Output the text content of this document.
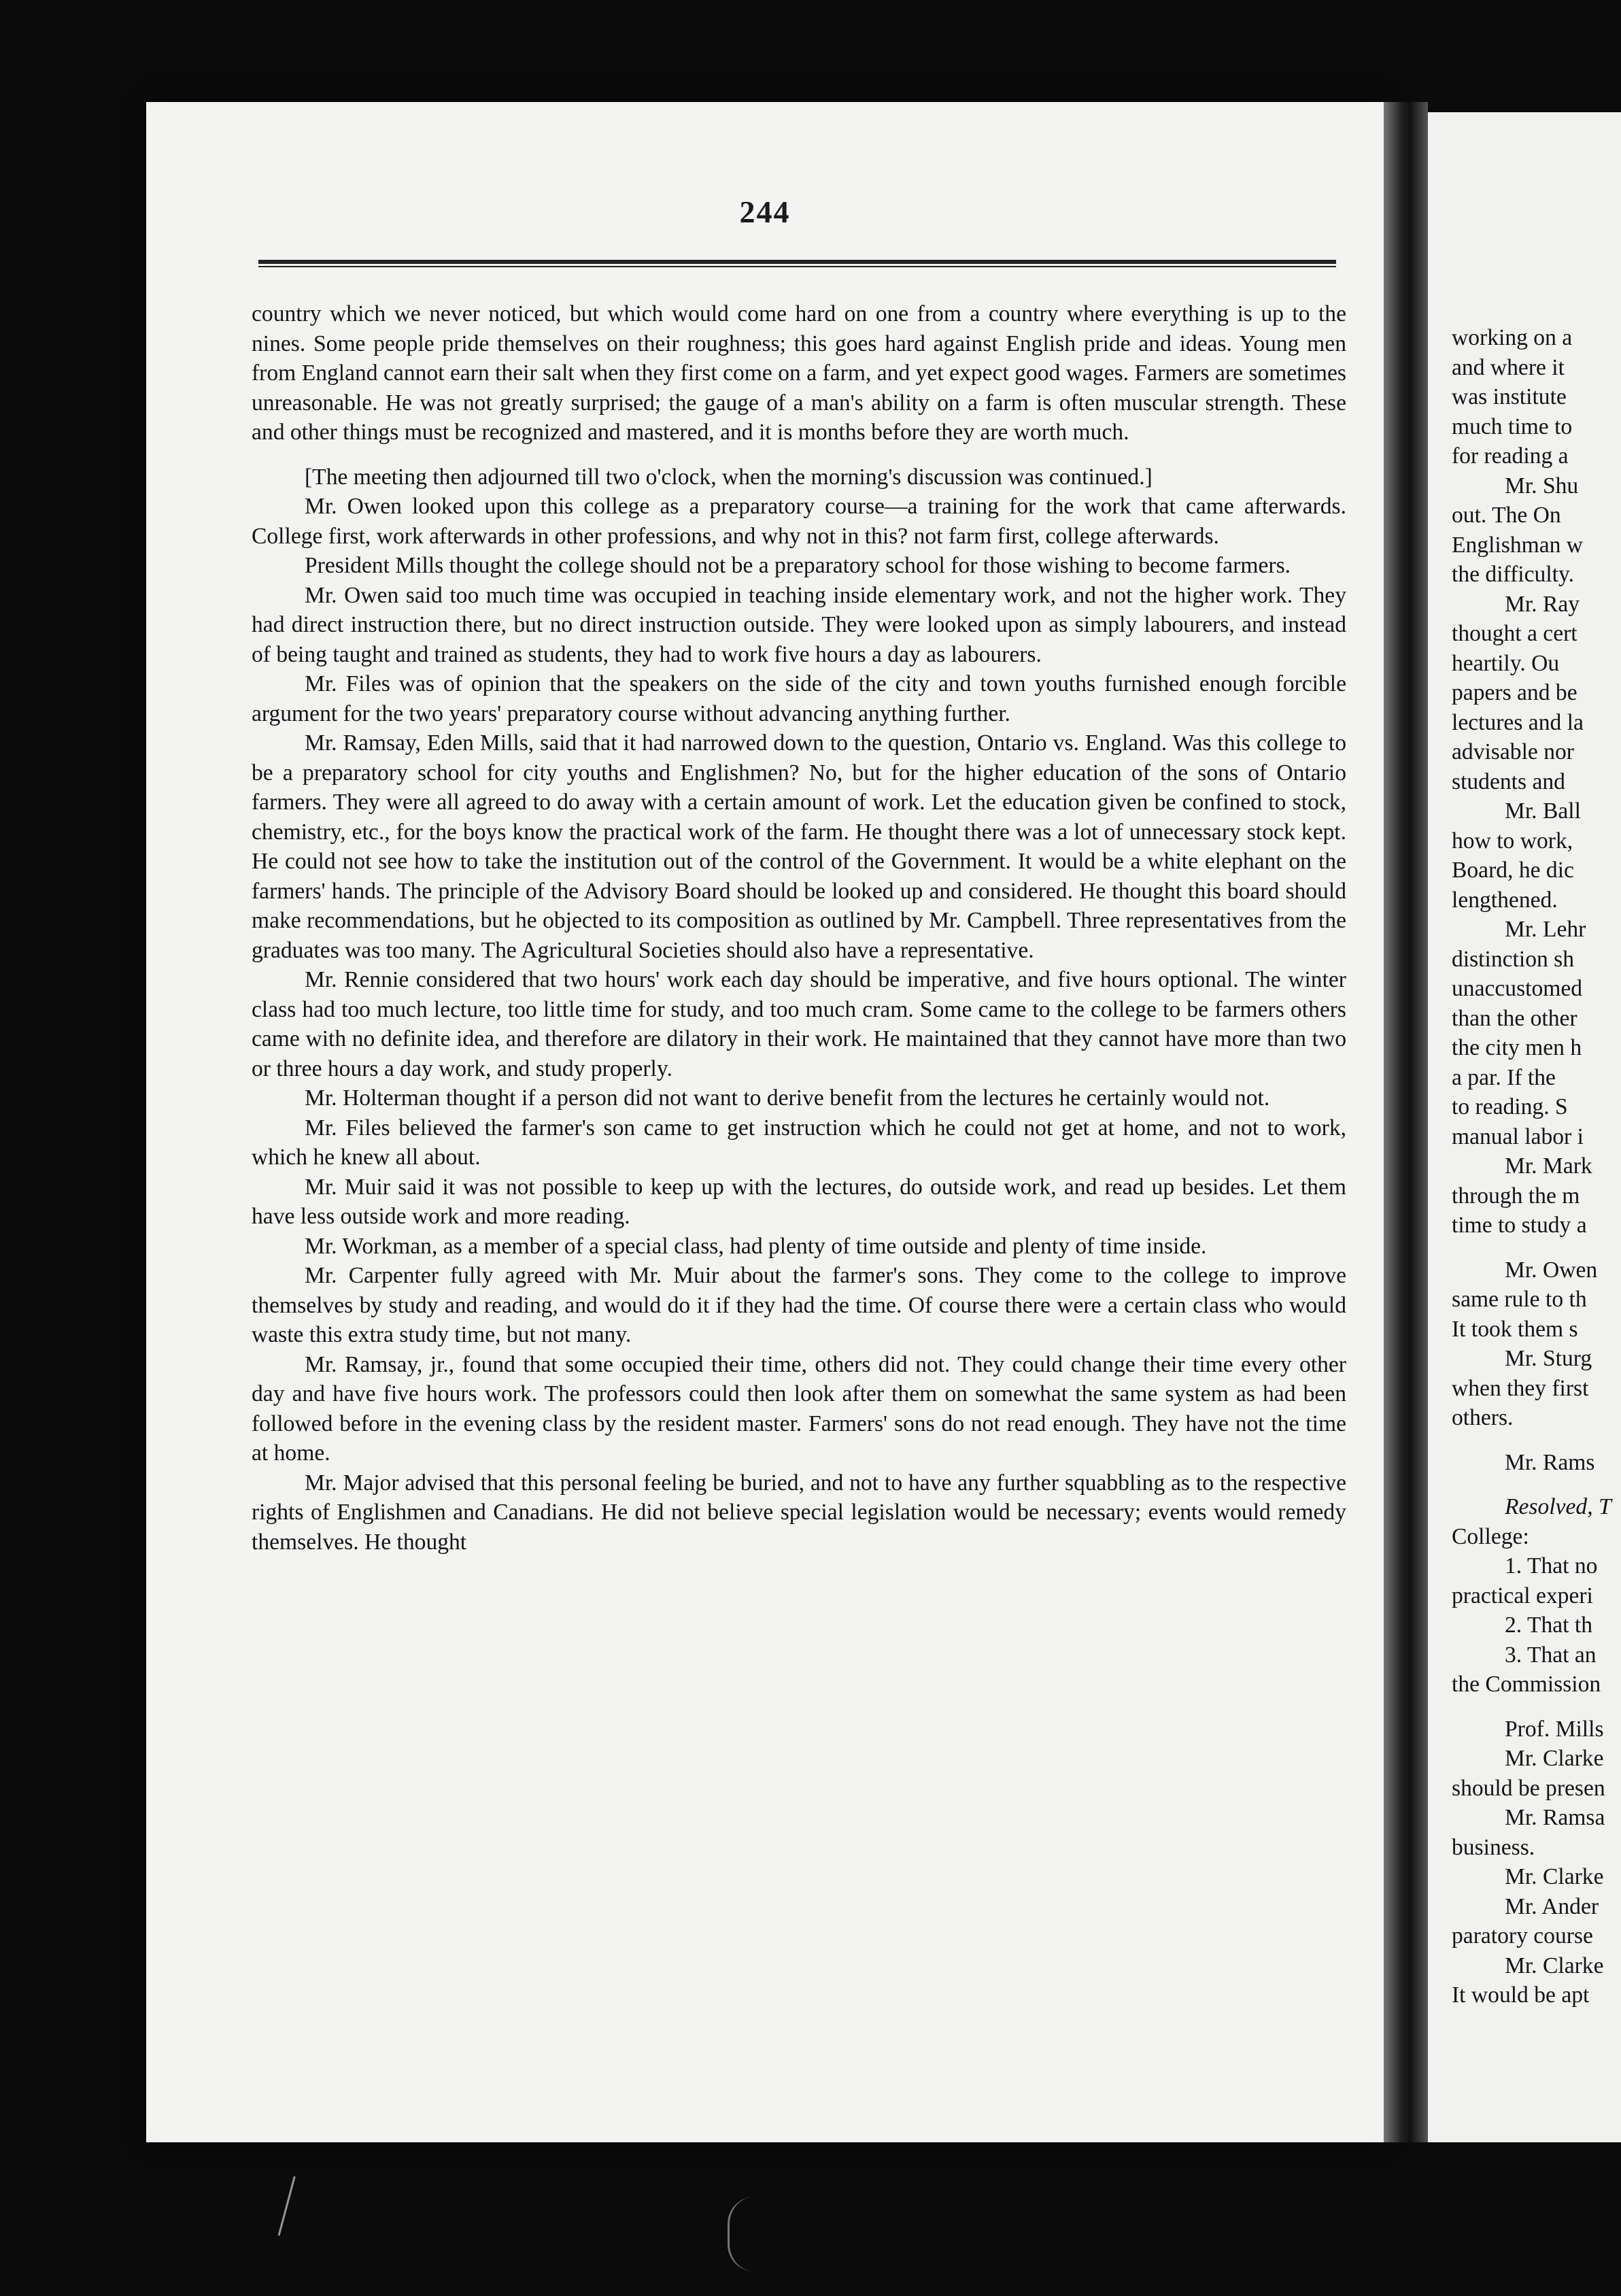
244

country which we never noticed, but which would come hard on one from a country where everything is up to the nines. Some people pride themselves on their roughness; this goes hard against English pride and ideas. Young men from England cannot earn their salt when they first come on a farm, and yet expect good wages. Farmers are sometimes unreasonable. He was not greatly surprised; the gauge of a man's ability on a farm is often muscular strength. These and other things must be recognized and mastered, and it is months before they are worth much.

[The meeting then adjourned till two o'clock, when the morning's discussion was continued.]

Mr. Owen looked upon this college as a preparatory course—a training for the work that came afterwards. College first, work afterwards in other professions, and why not in this? not farm first, college afterwards.

President Mills thought the college should not be a preparatory school for those wishing to become farmers.

Mr. Owen said too much time was occupied in teaching inside elementary work, and not the higher work. They had direct instruction there, but no direct instruction outside. They were looked upon as simply labourers, and instead of being taught and trained as students, they had to work five hours a day as labourers.

Mr. Files was of opinion that the speakers on the side of the city and town youths furnished enough forcible argument for the two years' preparatory course without advancing anything further.

Mr. Ramsay, Eden Mills, said that it had narrowed down to the question, Ontario vs. England. Was this college to be a preparatory school for city youths and Englishmen? No, but for the higher education of the sons of Ontario farmers. They were all agreed to do away with a certain amount of work. Let the education given be confined to stock, chemistry, etc., for the boys know the practical work of the farm. He thought there was a lot of unnecessary stock kept. He could not see how to take the institution out of the control of the Government. It would be a white elephant on the farmers' hands. The principle of the Advisory Board should be looked up and considered. He thought this board should make recommendations, but he objected to its composition as outlined by Mr. Campbell. Three representatives from the graduates was too many. The Agricultural Societies should also have a representative.

Mr. Rennie considered that two hours' work each day should be imperative, and five hours optional. The winter class had too much lecture, too little time for study, and too much cram. Some came to the college to be farmers others came with no definite idea, and therefore are dilatory in their work. He maintained that they cannot have more than two or three hours a day work, and study properly.

Mr. Holterman thought if a person did not want to derive benefit from the lectures he certainly would not.

Mr. Files believed the farmer's son came to get instruction which he could not get at home, and not to work, which he knew all about.

Mr. Muir said it was not possible to keep up with the lectures, do outside work, and read up besides. Let them have less outside work and more reading.

Mr. Workman, as a member of a special class, had plenty of time outside and plenty of time inside.

Mr. Carpenter fully agreed with Mr. Muir about the farmer's sons. They come to the college to improve themselves by study and reading, and would do it if they had the time. Of course there were a certain class who would waste this extra study time, but not many.

Mr. Ramsay, jr., found that some occupied their time, others did not. They could change their time every other day and have five hours work. The professors could then look after them on somewhat the same system as had been followed before in the evening class by the resident master. Farmers' sons do not read enough. They have not the time at home.

Mr. Major advised that this personal feeling be buried, and not to have any further squabbling as to the respective rights of Englishmen and Canadians. He did not believe special legislation would be necessary; events would remedy themselves. He thought

working on a
and where it
was institute
much time to
for reading a
Mr. Shu
out. The On
Englishman w
the difficulty.
Mr. Ray
thought a cert
heartily. Ou
papers and be
lectures and la
advisable nor
students and
Mr. Ball
how to work,
Board, he dic
lengthened.
Mr. Lehr
distinction sh
unaccustomed
than the other
the city men h
a par. If the
to reading. S
manual labor i
Mr. Mark
through the m
time to study a
Mr. Owen
same rule to th
It took them s
Mr. Sturg
when they first
others.
Mr. Rams
Resolved, T
College:
1. That no
practical experi
2. That th
3. That an
the Commission
Prof. Mills
Mr. Clarke
should be presen
Mr. Ramsa
business.
Mr. Clarke
Mr. Ander
paratory course
Mr. Clarke
It would be apt
